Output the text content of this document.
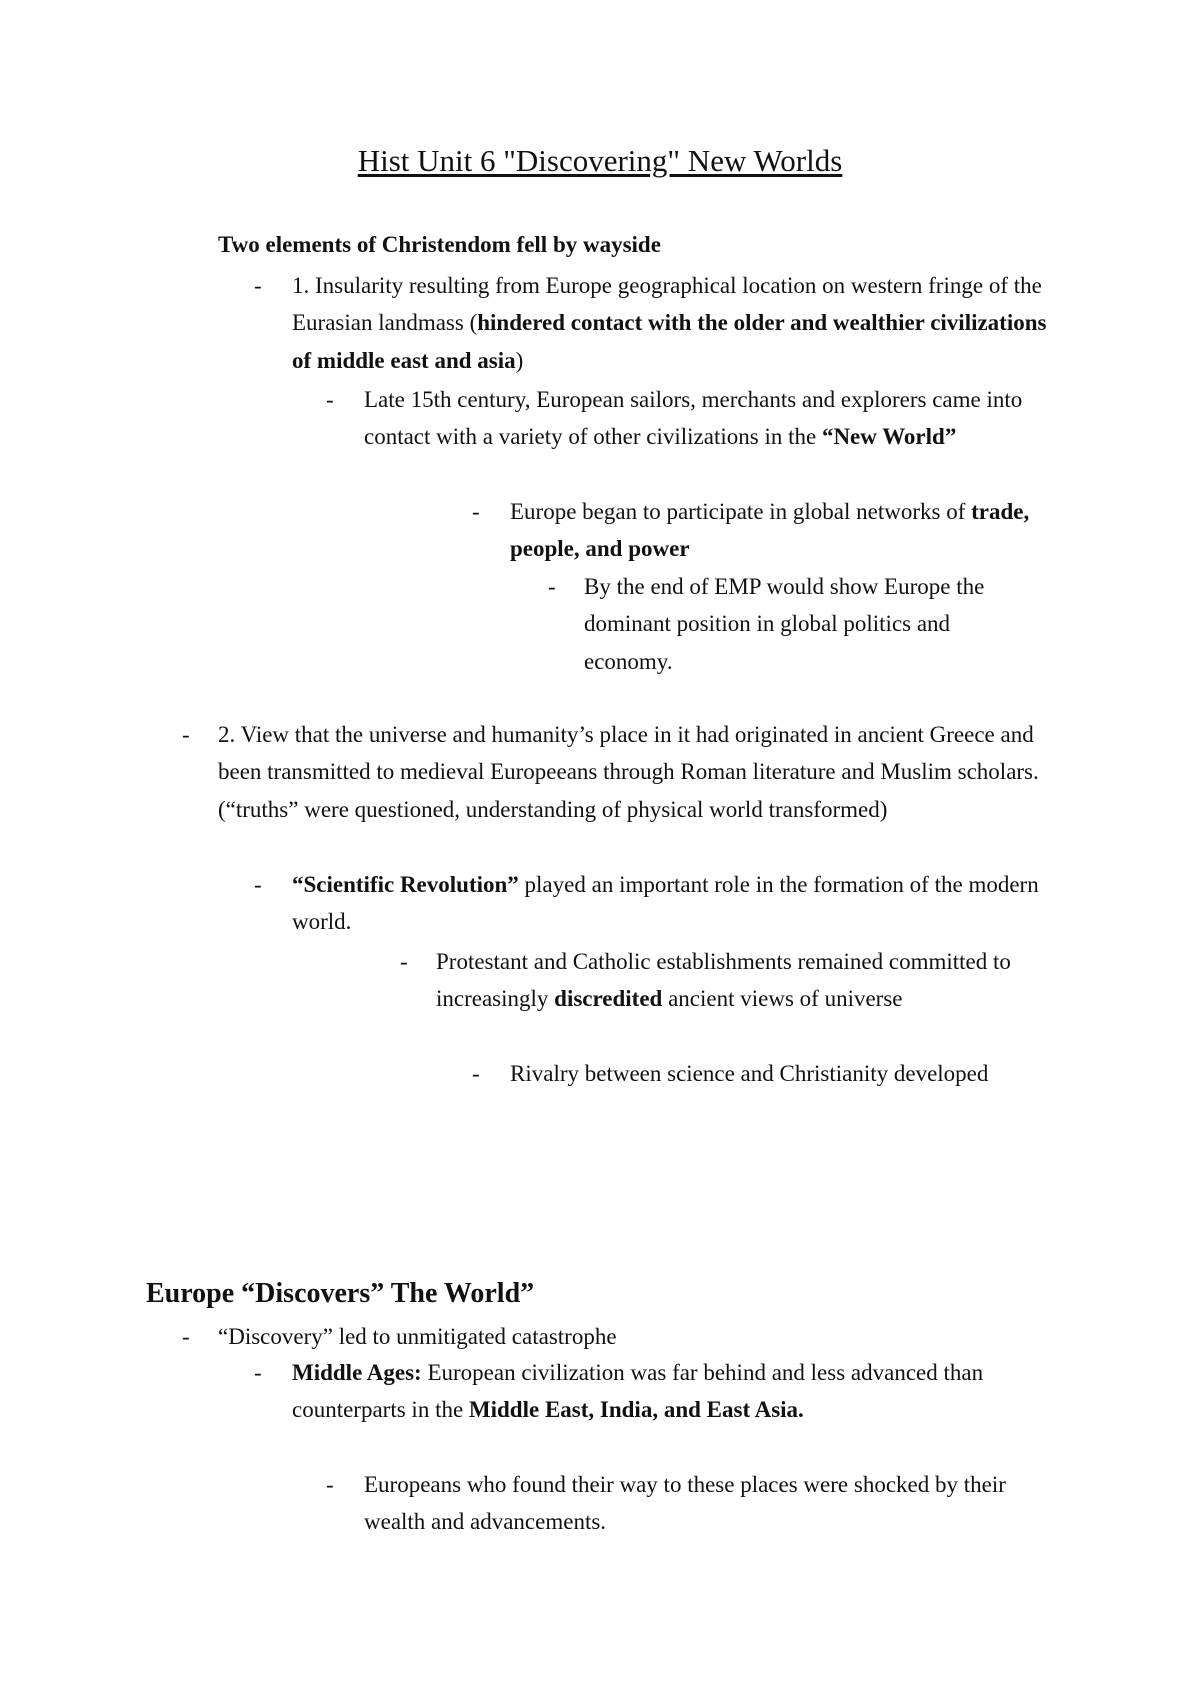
Hist Unit 6 "Discovering" New Worlds
Two elements of Christendom fell by wayside
- 1. Insularity resulting from Europe geographical location on western fringe of the Eurasian landmass (hindered contact with the older and wealthier civilizations of middle east and asia)
- Late 15th century, European sailors, merchants and explorers came into contact with a variety of other civilizations in the “New World”
- Europe began to participate in global networks of trade, people, and power
- By the end of EMP would show Europe the dominant position in global politics and economy.
- 2. View that the universe and humanity’s place in it had originated in ancient Greece and been transmitted to medieval Europeeans through Roman literature and Muslim scholars. (“truths” were questioned, understanding of physical world transformed)
- “Scientific Revolution” played an important role in the formation of the modern world.
- Protestant and Catholic establishments remained committed to increasingly discredited ancient views of universe
- Rivalry between science and Christianity developed
Europe “Discovers” The World”
- “Discovery” led to unmitigated catastrophe
- Middle Ages: European civilization was far behind and less advanced than counterparts in the Middle East, India, and East Asia.
- Europeans who found their way to these places were shocked by their wealth and advancements.
